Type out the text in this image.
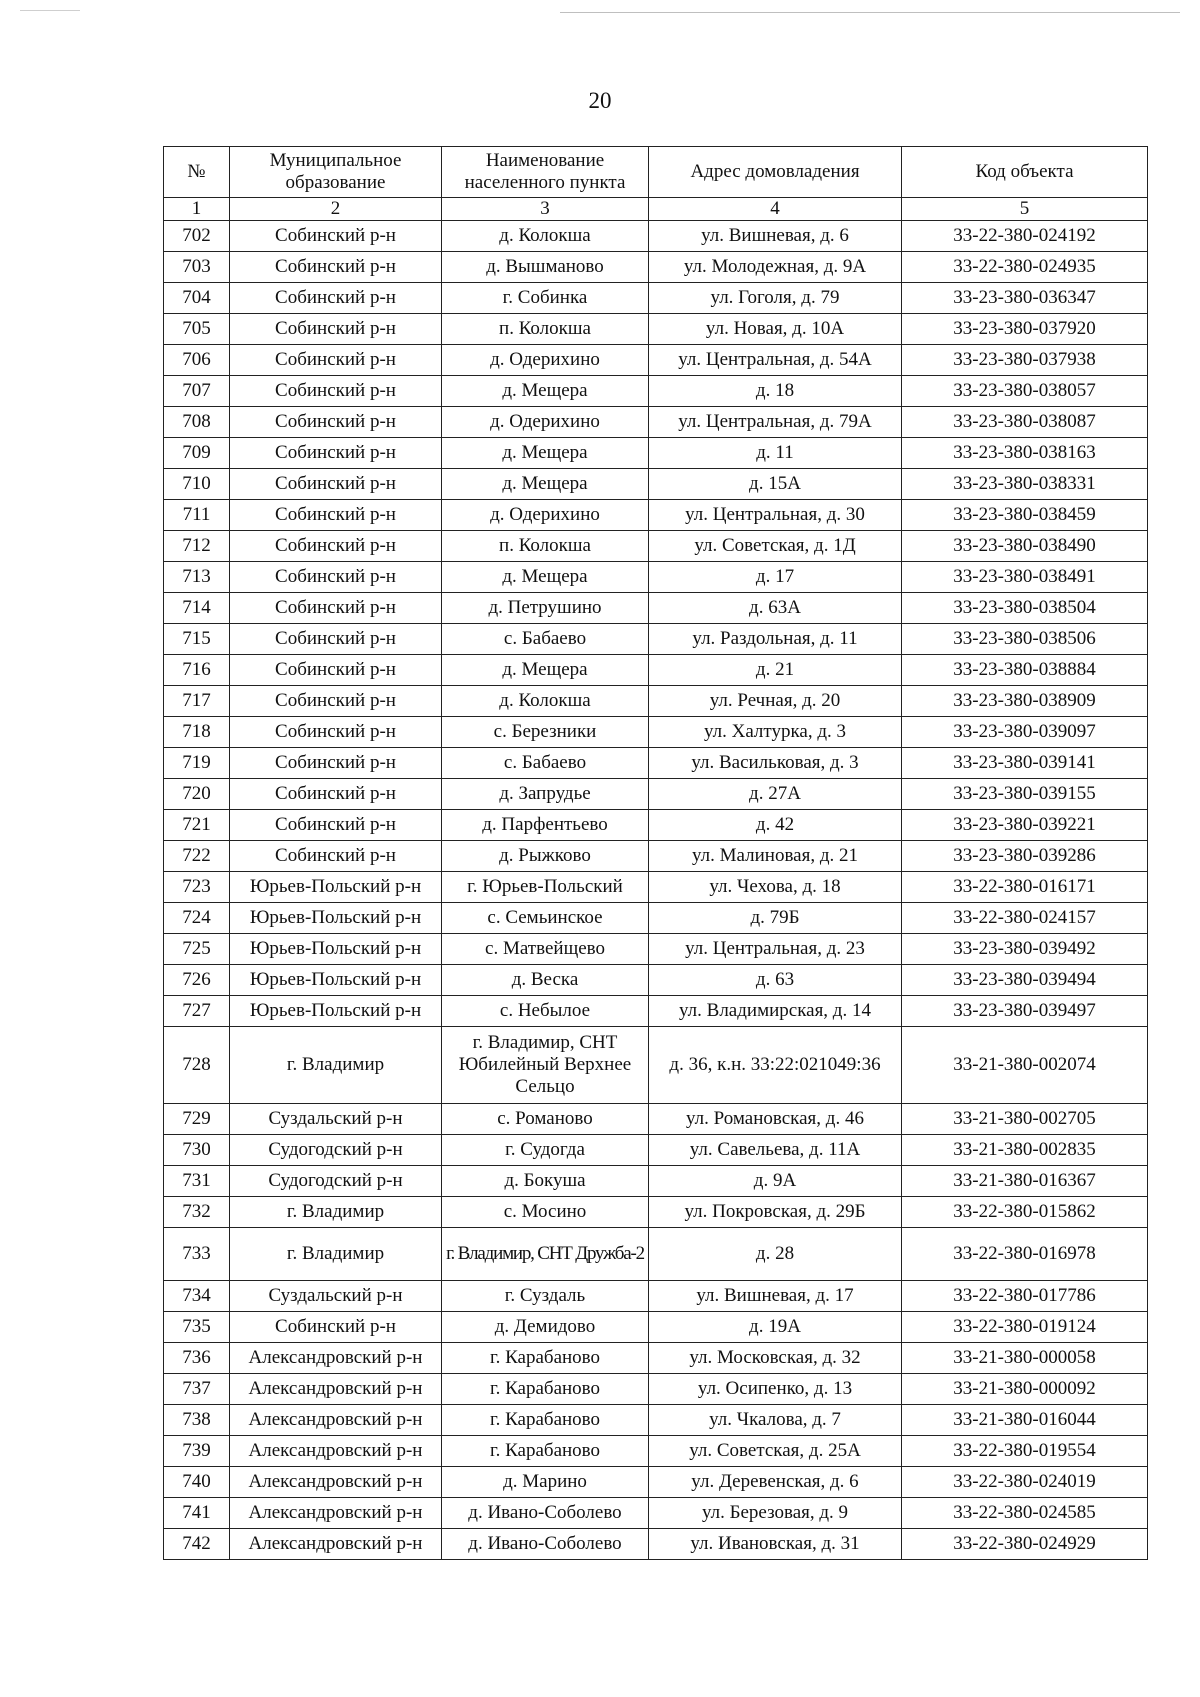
20
№	Муниципальное образование	Наименование населенного пункта	Адрес домовладения	Код объекта
1	2	3	4	5
702	Собинский р-н	д. Колокша	ул. Вишневая, д. 6	33-22-380-024192
703	Собинский р-н	д. Вышманово	ул. Молодежная, д. 9А	33-22-380-024935
704	Собинский р-н	г. Собинка	ул. Гоголя, д. 79	33-23-380-036347
705	Собинский р-н	п. Колокша	ул. Новая, д. 10А	33-23-380-037920
706	Собинский р-н	д. Одерихино	ул. Центральная, д. 54А	33-23-380-037938
707	Собинский р-н	д. Мещера	д. 18	33-23-380-038057
708	Собинский р-н	д. Одерихино	ул. Центральная, д. 79А	33-23-380-038087
709	Собинский р-н	д. Мещера	д. 11	33-23-380-038163
710	Собинский р-н	д. Мещера	д. 15А	33-23-380-038331
711	Собинский р-н	д. Одерихино	ул. Центральная, д. 30	33-23-380-038459
712	Собинский р-н	п. Колокша	ул. Советская, д. 1Д	33-23-380-038490
713	Собинский р-н	д. Мещера	д. 17	33-23-380-038491
714	Собинский р-н	д. Петрушино	д. 63А	33-23-380-038504
715	Собинский р-н	с. Бабаево	ул. Раздольная, д. 11	33-23-380-038506
716	Собинский р-н	д. Мещера	д. 21	33-23-380-038884
717	Собинский р-н	д. Колокша	ул. Речная, д. 20	33-23-380-038909
718	Собинский р-н	с. Березники	ул. Халтурка, д. 3	33-23-380-039097
719	Собинский р-н	с. Бабаево	ул. Васильковая, д. 3	33-23-380-039141
720	Собинский р-н	д. Запрудье	д. 27А	33-23-380-039155
721	Собинский р-н	д. Парфентьево	д. 42	33-23-380-039221
722	Собинский р-н	д. Рыжково	ул. Малиновая, д. 21	33-23-380-039286
723	Юрьев-Польский р-н	г. Юрьев-Польский	ул. Чехова, д. 18	33-22-380-016171
724	Юрьев-Польский р-н	с. Семьинское	д. 79Б	33-22-380-024157
725	Юрьев-Польский р-н	с. Матвейщево	ул. Центральная, д. 23	33-23-380-039492
726	Юрьев-Польский р-н	д. Веска	д. 63	33-23-380-039494
727	Юрьев-Польский р-н	с. Небылое	ул. Владимирская, д. 14	33-23-380-039497
728	г. Владимир	г. Владимир, СНТ Юбилейный Верхнее Сельцо	д. 36, к.н. 33:22:021049:36	33-21-380-002074
729	Суздальский р-н	с. Романово	ул. Романовская, д. 46	33-21-380-002705
730	Судогодский р-н	г. Судогда	ул. Савельева, д. 11А	33-21-380-002835
731	Судогодский р-н	д. Бокуша	д. 9А	33-21-380-016367
732	г. Владимир	с. Мосино	ул. Покровская, д. 29Б	33-22-380-015862
733	г. Владимир	г. Владимир, СНТ Дружба-2	д. 28	33-22-380-016978
734	Суздальский р-н	г. Суздаль	ул. Вишневая, д. 17	33-22-380-017786
735	Собинский р-н	д. Демидово	д. 19А	33-22-380-019124
736	Александровский р-н	г. Карабаново	ул. Московская, д. 32	33-21-380-000058
737	Александровский р-н	г. Карабаново	ул. Осипенко, д. 13	33-21-380-000092
738	Александровский р-н	г. Карабаново	ул. Чкалова, д. 7	33-21-380-016044
739	Александровский р-н	г. Карабаново	ул. Советская, д. 25А	33-22-380-019554
740	Александровский р-н	д. Марино	ул. Деревенская, д. 6	33-22-380-024019
741	Александровский р-н	д. Ивано-Соболево	ул. Березовая, д. 9	33-22-380-024585
742	Александровский р-н	д. Ивано-Соболево	ул. Ивановская, д. 31	33-22-380-024929
